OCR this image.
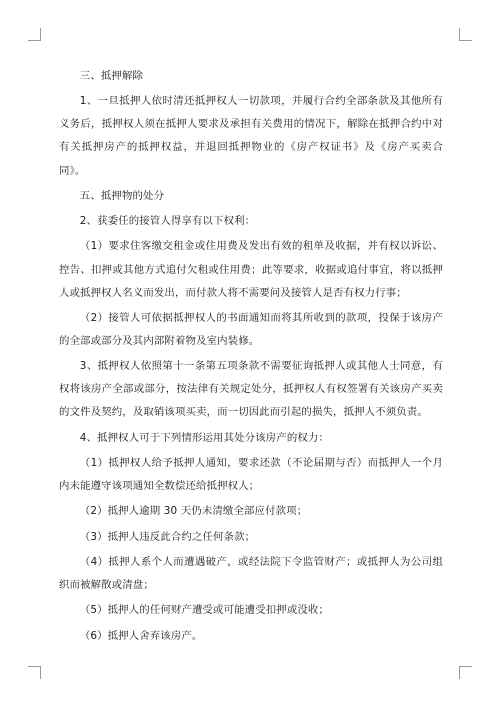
三、抵押解除

1、一旦抵押人依时清还抵押权人一切款项，并履行合约全部条款及其他所有义务后，抵押权人须在抵押人要求及承担有关费用的情况下，解除在抵押合约中对有关抵押房产的抵押权益，并退回抵押物业的《房产权证书》及《房产买卖合同》。

五、抵押物的处分

2、获委任的接管人得享有以下权利：

（1）要求住客缴交租金或住用费及发出有效的租单及收据，并有权以诉讼、控告、扣押或其他方式追付欠租或住用费；此等要求，收据或追付事宜，将以抵押人或抵押权人名义而发出，而付款人将不需要问及接管人是否有权力行事；

（2）接管人可依据抵押权人的书面通知而将其所收到的款项，投保于该房产的全部或部分及其内部附着物及室内装修。

3、抵押权人依照第十一条第五项条款不需要征询抵押人或其他人士同意，有权将该房产全部或部分，按法律有关规定处分，抵押权人有权签署有关该房产买卖的文件及契约，及取销该项买卖，而一切因此而引起的损失，抵押人不须负责。

4、抵押权人可于下列情形运用其处分该房产的权力：

（1）抵押权人给予抵押人通知，要求还款（不论届期与否）而抵押人一个月内未能遵守该项通知全数偿还给抵押权人；

（2）抵押人逾期 30 天仍未清缴全部应付款项；

（3）抵押人违反此合约之任何条款；

（4）抵押人系个人而遭遇破产，或经法院下令监管财产；或抵押人为公司组织而被解散或清盘；

（5）抵押人的任何财产遭受或可能遭受扣押或没收；

（6）抵押人舍弃该房产。
